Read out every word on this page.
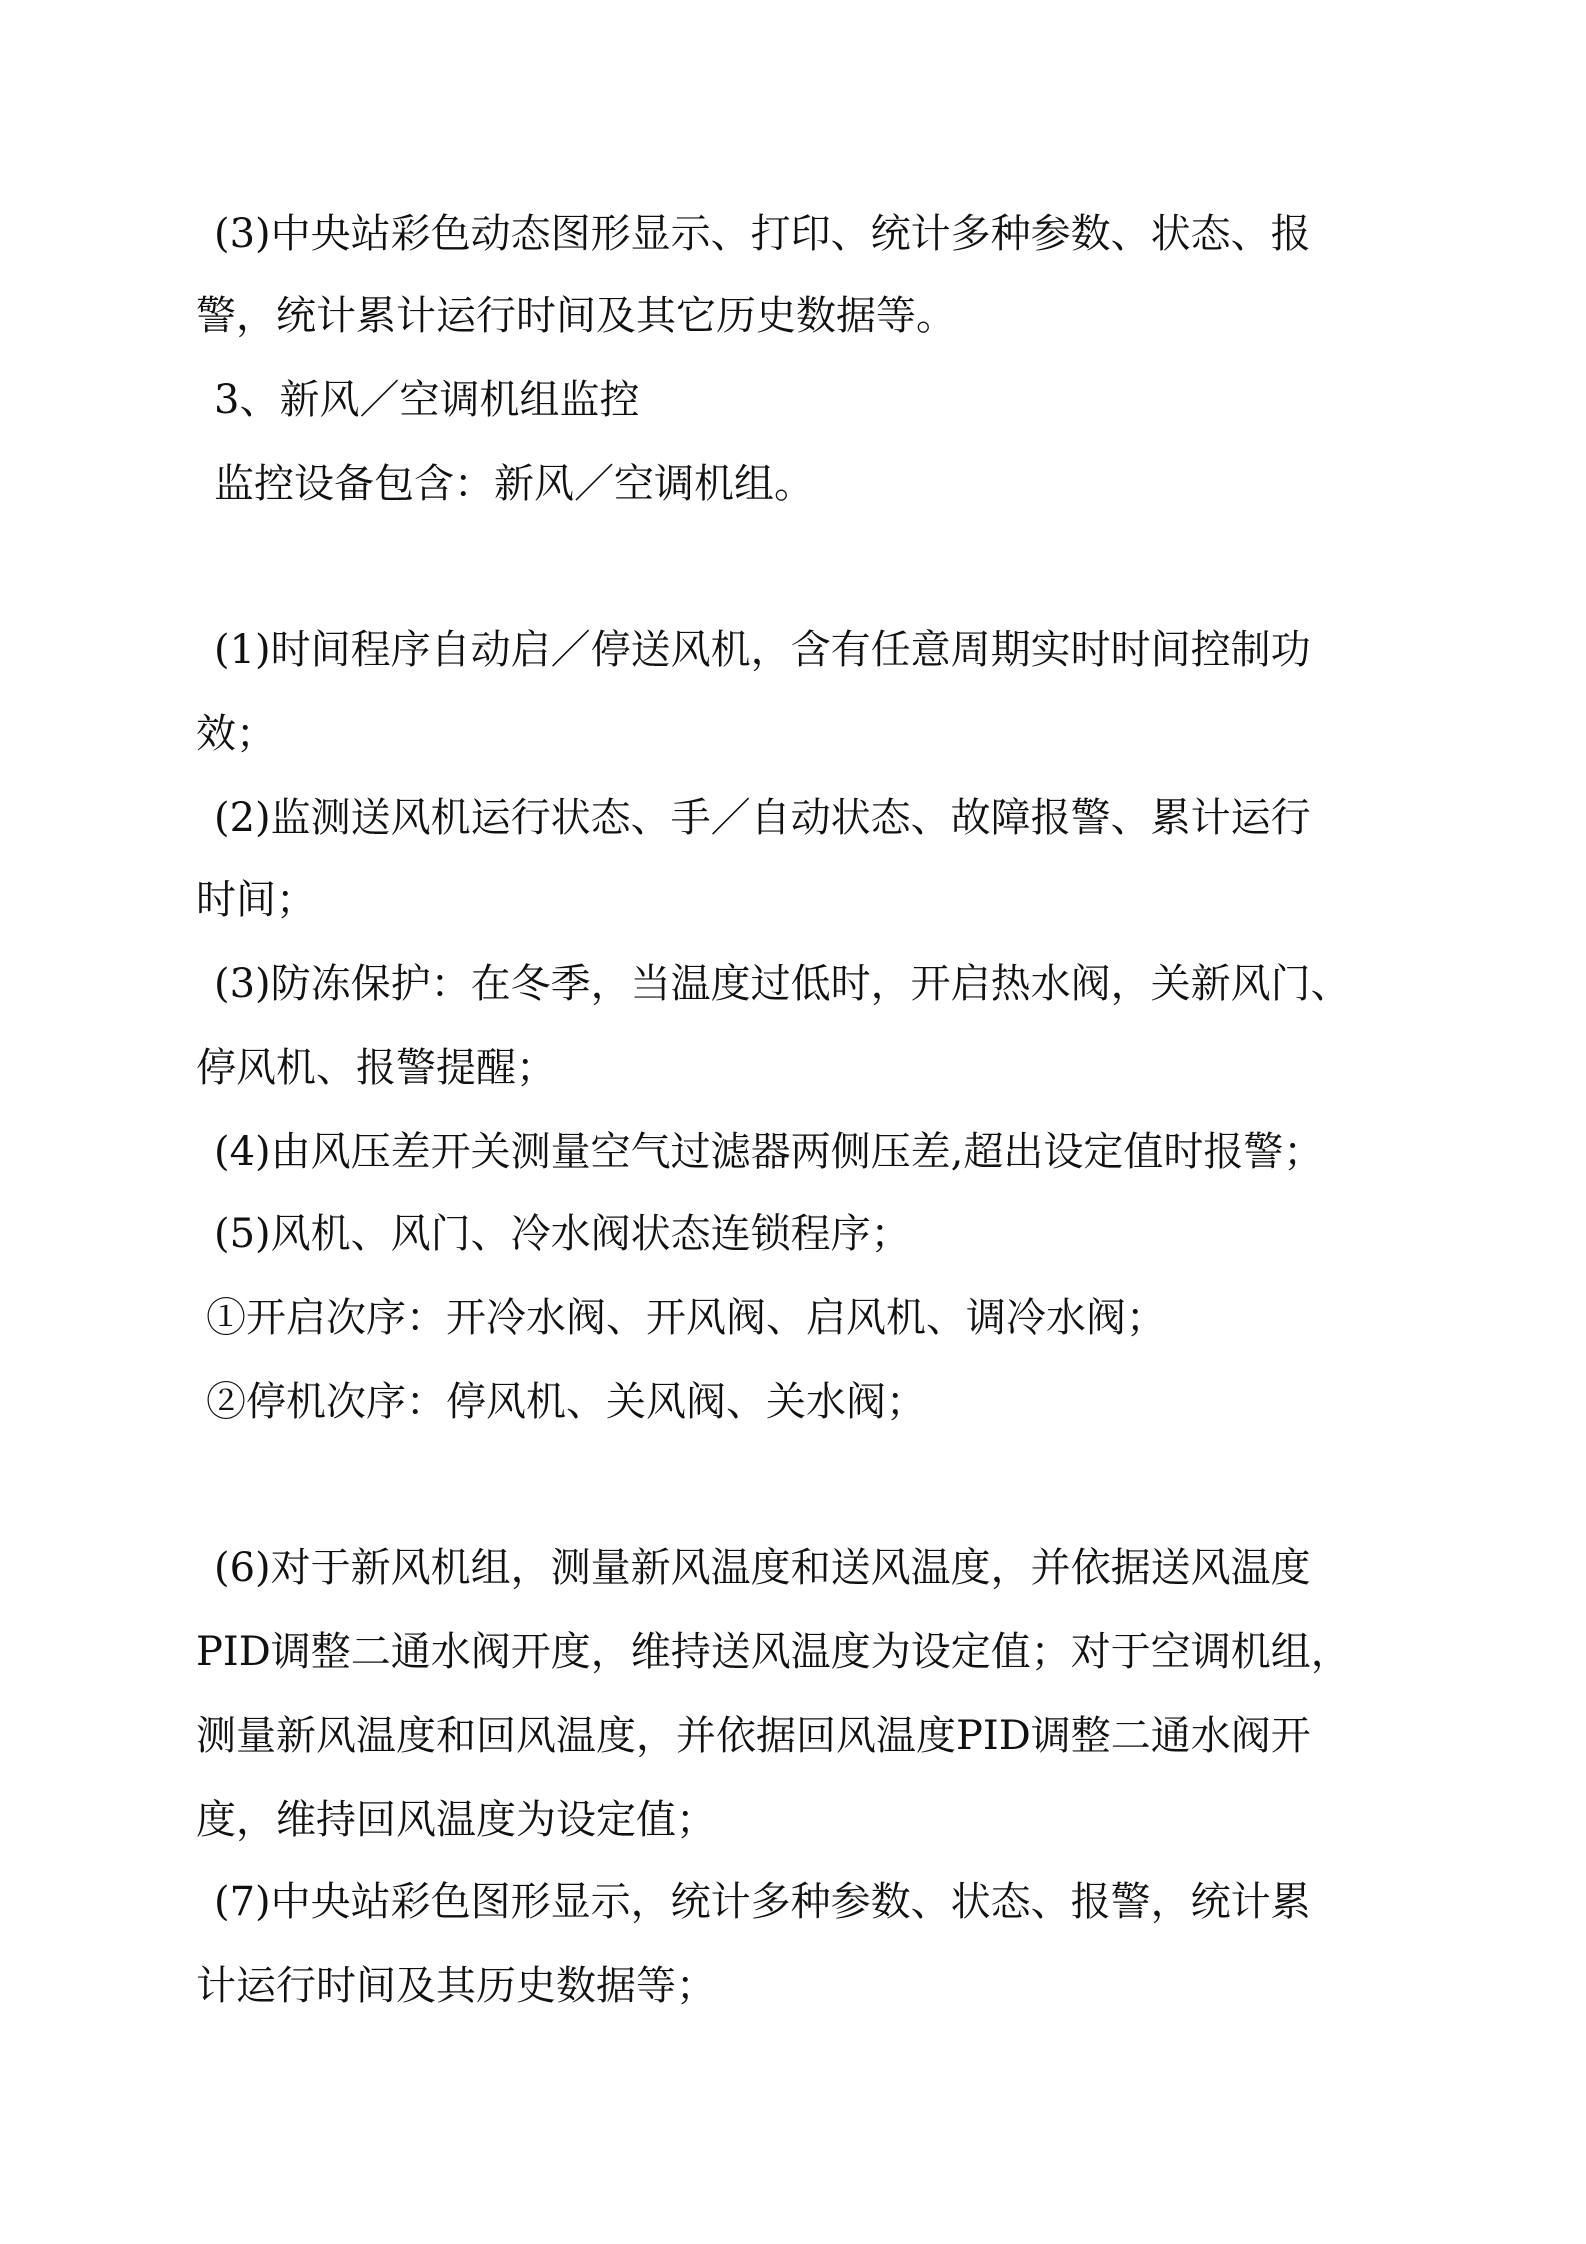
(3)中央站彩色动态图形显示、打印、统计多种参数、状态、报
警，统计累计运行时间及其它历史数据等。
3、新风／空调机组监控
监控设备包含：新风／空调机组。
(1)时间程序自动启／停送风机，含有任意周期实时时间控制功
效；
(2)监测送风机运行状态、手／自动状态、故障报警、累计运行
时间；
(3)防冻保护：在冬季，当温度过低时，开启热水阀，关新风门、
停风机、报警提醒；
(4)由风压差开关测量空气过滤器两侧压差,超出设定值时报警；
(5)风机、风门、冷水阀状态连锁程序；
①开启次序：开冷水阀、开风阀、启风机、调冷水阀；
②停机次序：停风机、关风阀、关水阀；
(6)对于新风机组，测量新风温度和送风温度，并依据送风温度
PID调整二通水阀开度，维持送风温度为设定值；对于空调机组，
测量新风温度和回风温度，并依据回风温度PID调整二通水阀开
度，维持回风温度为设定值；
(7)中央站彩色图形显示，统计多种参数、状态、报警，统计累
计运行时间及其历史数据等；
